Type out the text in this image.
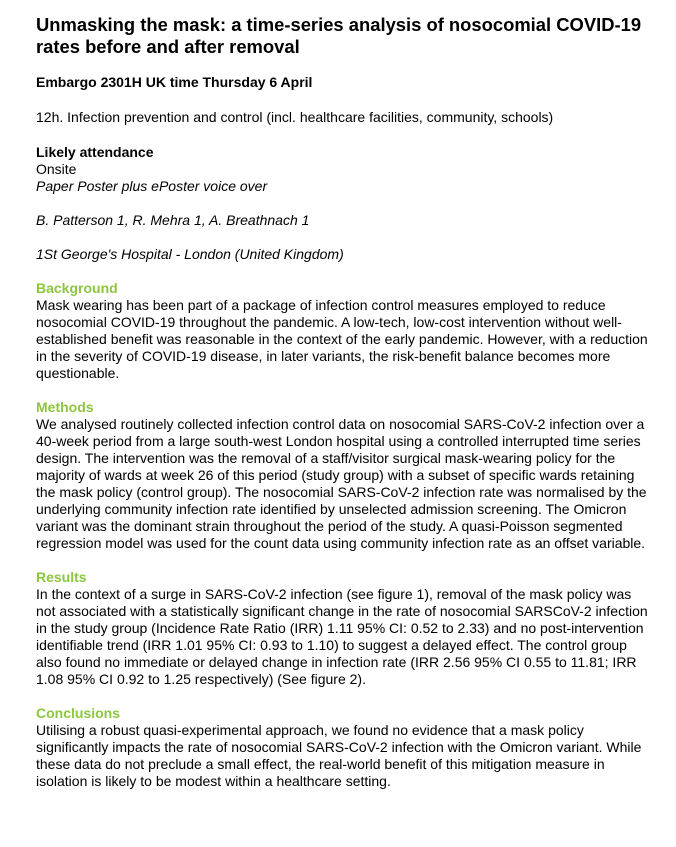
Unmasking the mask: a time-series analysis of nosocomial COVID-19 rates before and after removal
Embargo 2301H UK time Thursday 6 April
12h. Infection prevention and control (incl. healthcare facilities, community, schools)
Likely attendance
Onsite
Paper Poster plus ePoster voice over
B. Patterson 1, R. Mehra 1, A. Breathnach 1
1St George's Hospital - London (United Kingdom)
Background
Mask wearing has been part of a package of infection control measures employed to reduce nosocomial COVID-19 throughout the pandemic. A low-tech, low-cost intervention without well-established benefit was reasonable in the context of the early pandemic. However, with a reduction in the severity of COVID-19 disease, in later variants, the risk-benefit balance becomes more questionable.
Methods
We analysed routinely collected infection control data on nosocomial SARS-CoV-2 infection over a 40-week period from a large south-west London hospital using a controlled interrupted time series design. The intervention was the removal of a staff/visitor surgical mask-wearing policy for the majority of wards at week 26 of this period (study group) with a subset of specific wards retaining the mask policy (control group). The nosocomial SARS-CoV-2 infection rate was normalised by the underlying community infection rate identified by unselected admission screening. The Omicron variant was the dominant strain throughout the period of the study. A quasi-Poisson segmented regression model was used for the count data using community infection rate as an offset variable.
Results
In the context of a surge in SARS-CoV-2 infection (see figure 1), removal of the mask policy was not associated with a statistically significant change in the rate of nosocomial SARSCoV-2 infection in the study group (Incidence Rate Ratio (IRR) 1.11 95% CI: 0.52 to 2.33) and no post-intervention identifiable trend (IRR 1.01 95% CI: 0.93 to 1.10) to suggest a delayed effect. The control group also found no immediate or delayed change in infection rate (IRR 2.56 95% CI 0.55 to 11.81; IRR 1.08 95% CI 0.92 to 1.25 respectively) (See figure 2).
Conclusions
Utilising a robust quasi-experimental approach, we found no evidence that a mask policy significantly impacts the rate of nosocomial SARS-CoV-2 infection with the Omicron variant. While these data do not preclude a small effect, the real-world benefit of this mitigation measure in isolation is likely to be modest within a healthcare setting.
